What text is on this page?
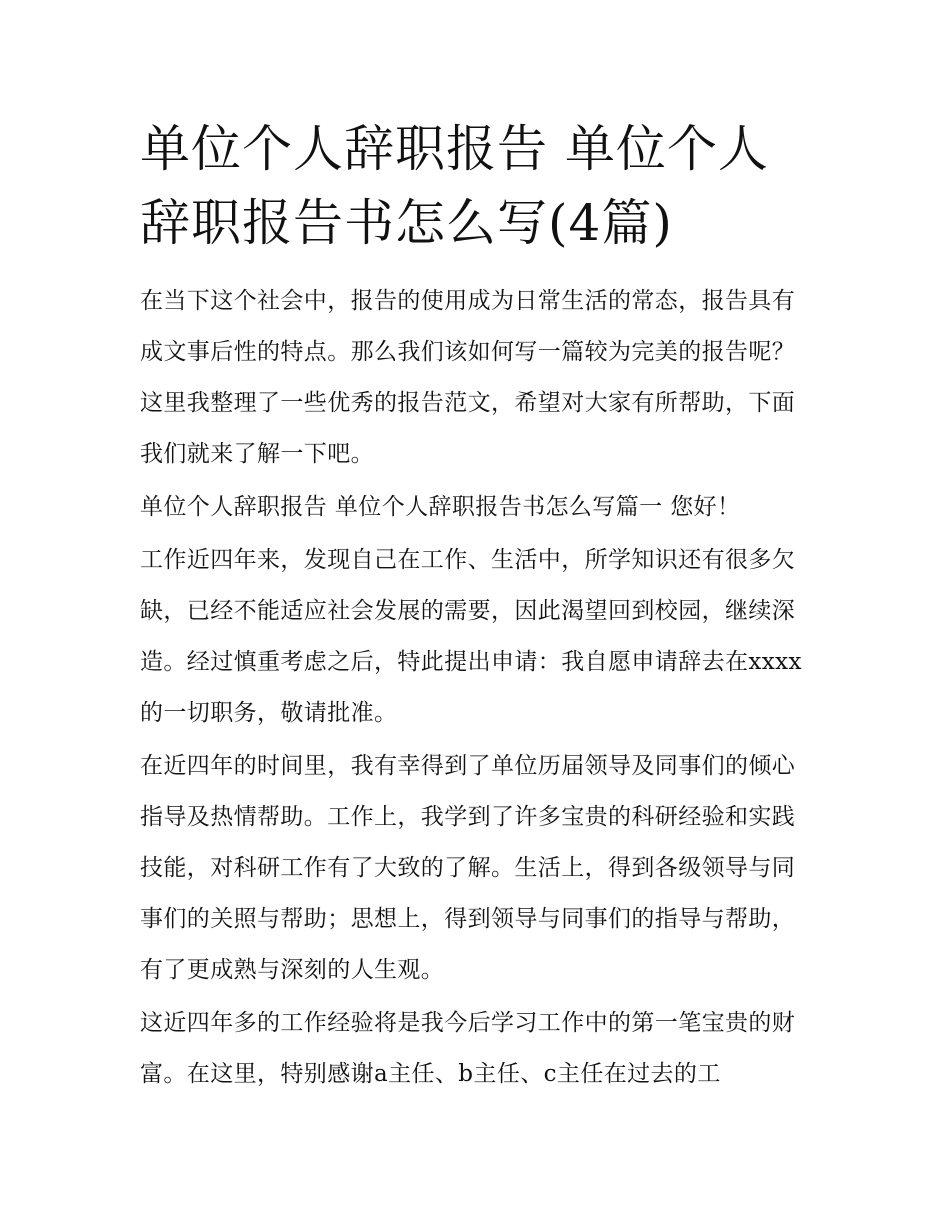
单位个人辞职报告 单位个人辞职报告书怎么写(4篇)

在当下这个社会中，报告的使用成为日常生活的常态，报告具有成文事后性的特点。那么我们该如何写一篇较为完美的报告呢？这里我整理了一些优秀的报告范文，希望对大家有所帮助，下面我们就来了解一下吧。

单位个人辞职报告 单位个人辞职报告书怎么写篇一 您好！

工作近四年来，发现自己在工作、生活中，所学知识还有很多欠缺，已经不能适应社会发展的需要，因此渴望回到校园，继续深造。经过慎重考虑之后，特此提出申请：我自愿申请辞去在xxxx的一切职务，敬请批准。

在近四年的时间里，我有幸得到了单位历届领导及同事们的倾心指导及热情帮助。工作上，我学到了许多宝贵的科研经验和实践技能，对科研工作有了大致的了解。生活上，得到各级领导与同事们的关照与帮助；思想上，得到领导与同事们的指导与帮助，有了更成熟与深刻的人生观。

这近四年多的工作经验将是我今后学习工作中的第一笔宝贵的财富。在这里，特别感谢a主任、b主任、c主任在过去的工
